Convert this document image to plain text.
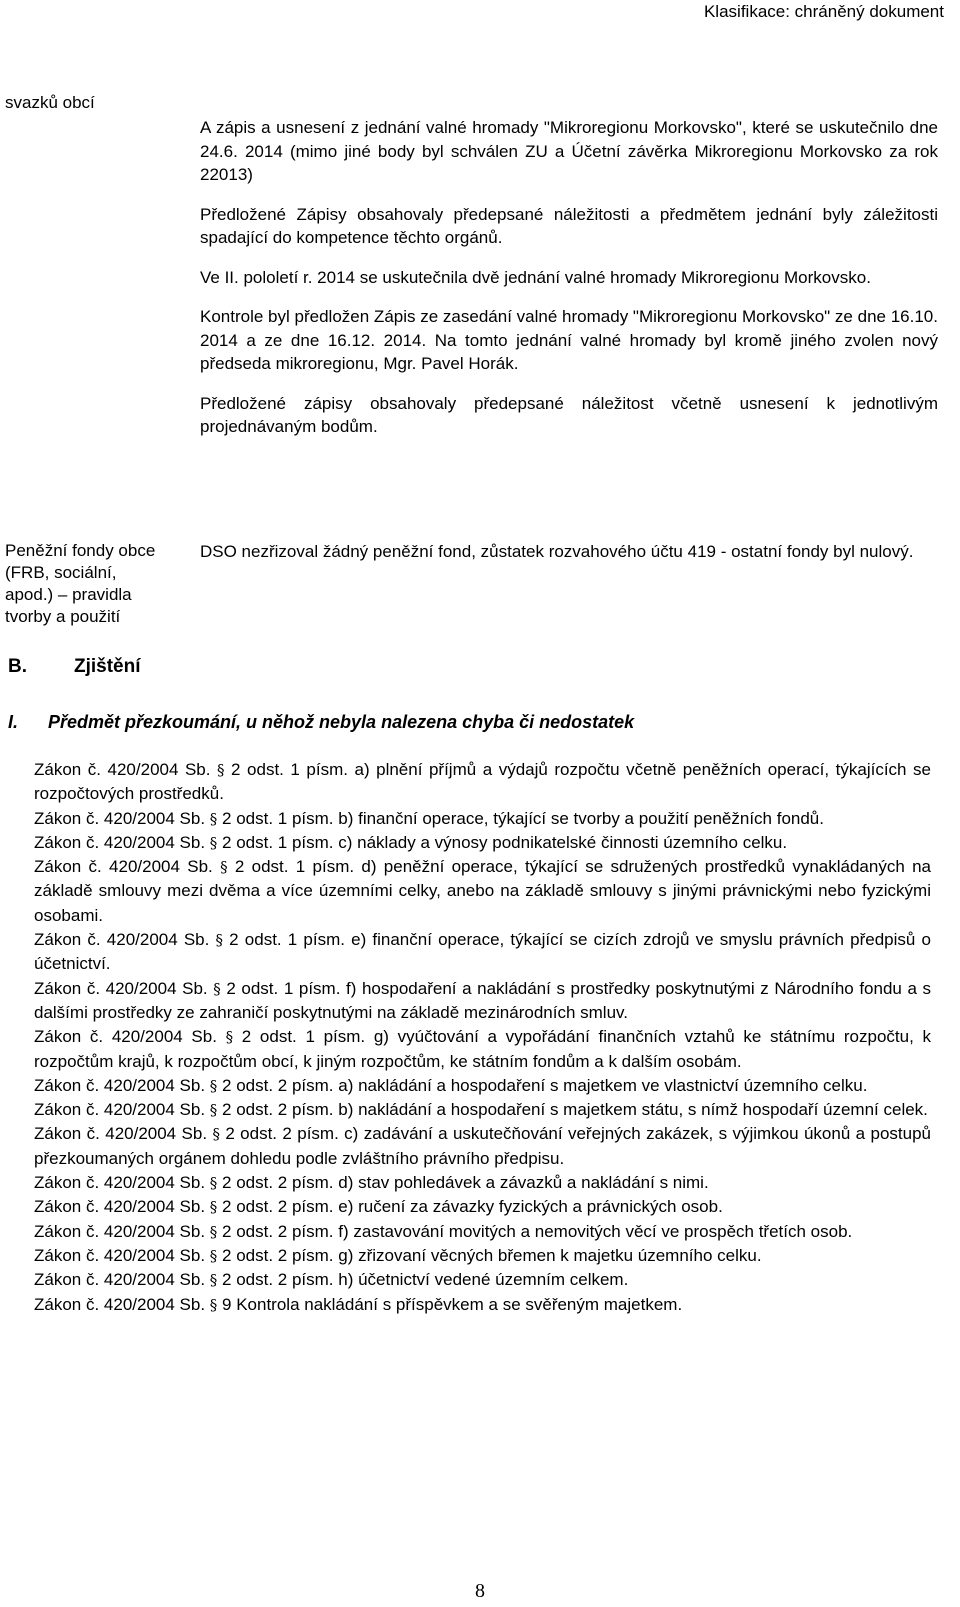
Klasifikace: chráněný dokument
svazků obcí

A zápis a usnesení z jednání valné hromady "Mikroregionu Morkovsko", které se uskutečnilo dne 24.6. 2014 (mimo jiné body byl schválen ZU a Účetní závěrka Mikroregionu Morkovsko za rok 22013)

Předložené Zápisy obsahovaly předepsané náležitosti a předmětem jednání byly záležitosti spadající do kompetence těchto orgánů.

Ve II. pololetí r. 2014 se uskutečnila dvě jednání valné hromady Mikroregionu Morkovsko.

Kontrole byl předložen Zápis ze zasedání valné hromady "Mikroregionu Morkovsko" ze dne 16.10. 2014 a ze dne 16.12. 2014. Na tomto jednání valné hromady byl kromě jiného zvolen nový předseda mikroregionu, Mgr. Pavel Horák.

Předložené zápisy obsahovaly předepsané náležitost včetně usnesení k jednotlivým projednávaným bodům.

Peněžní fondy obce
(FRB, sociální,
apod.) – pravidla
tvorby a použití
DSO nezřizoval žádný peněžní fond, zůstatek rozvahového účtu 419 - ostatní fondy byl nulový.
B. Zjištění
I. Předmět přezkoumání, u něhož nebyla nalezena chyba či nedostatek
Zákon č. 420/2004 Sb. § 2 odst. 1 písm. a) plnění příjmů a výdajů rozpočtu včetně peněžních operací, týkajících se rozpočtových prostředků.
Zákon č. 420/2004 Sb. § 2 odst. 1 písm. b) finanční operace, týkající se tvorby a použití peněžních fondů.
Zákon č. 420/2004 Sb. § 2 odst. 1 písm. c) náklady a výnosy podnikatelské činnosti územního celku.
Zákon č. 420/2004 Sb. § 2 odst. 1 písm. d) peněžní operace, týkající se sdružených prostředků vynakládaných na základě smlouvy mezi dvěma a více územními celky, anebo na základě smlouvy s jinými právnickými nebo fyzickými osobami.
Zákon č. 420/2004 Sb. § 2 odst. 1 písm. e) finanční operace, týkající se cizích zdrojů ve smyslu právních předpisů o účetnictví.
Zákon č. 420/2004 Sb. § 2 odst. 1 písm. f) hospodaření a nakládání s prostředky poskytnutými z Národního fondu a s dalšími prostředky ze zahraničí poskytnutými na základě mezinárodních smluv.
Zákon č. 420/2004 Sb. § 2 odst. 1 písm. g) vyúčtování a vypořádání finančních vztahů ke státnímu rozpočtu, k rozpočtům krajů, k rozpočtům obcí, k jiným rozpočtům, ke státním fondům a k dalším osobám.
Zákon č. 420/2004 Sb. § 2 odst. 2 písm. a) nakládání a hospodaření s majetkem ve vlastnictví územního celku.
Zákon č. 420/2004 Sb. § 2 odst. 2 písm. b) nakládání a hospodaření s majetkem státu, s nímž hospodaří územní celek.
Zákon č. 420/2004 Sb. § 2 odst. 2 písm. c) zadávání a uskutečňování veřejných zakázek, s výjimkou úkonů a postupů přezkoumaných orgánem dohledu podle zvláštního právního předpisu.
Zákon č. 420/2004 Sb. § 2 odst. 2 písm. d) stav pohledávek a závazků a nakládání s nimi.
Zákon č. 420/2004 Sb. § 2 odst. 2 písm. e) ručení za závazky fyzických a právnických osob.
Zákon č. 420/2004 Sb. § 2 odst. 2 písm. f) zastavování movitých a nemovitých věcí ve prospěch třetích osob.
Zákon č. 420/2004 Sb. § 2 odst. 2 písm. g) zřizovaní věcných břemen k majetku územního celku.
Zákon č. 420/2004 Sb. § 2 odst. 2 písm. h) účetnictví vedené územním celkem.
Zákon č. 420/2004 Sb. § 9 Kontrola nakládání s příspěvkem a se svěřeným majetkem.
8
